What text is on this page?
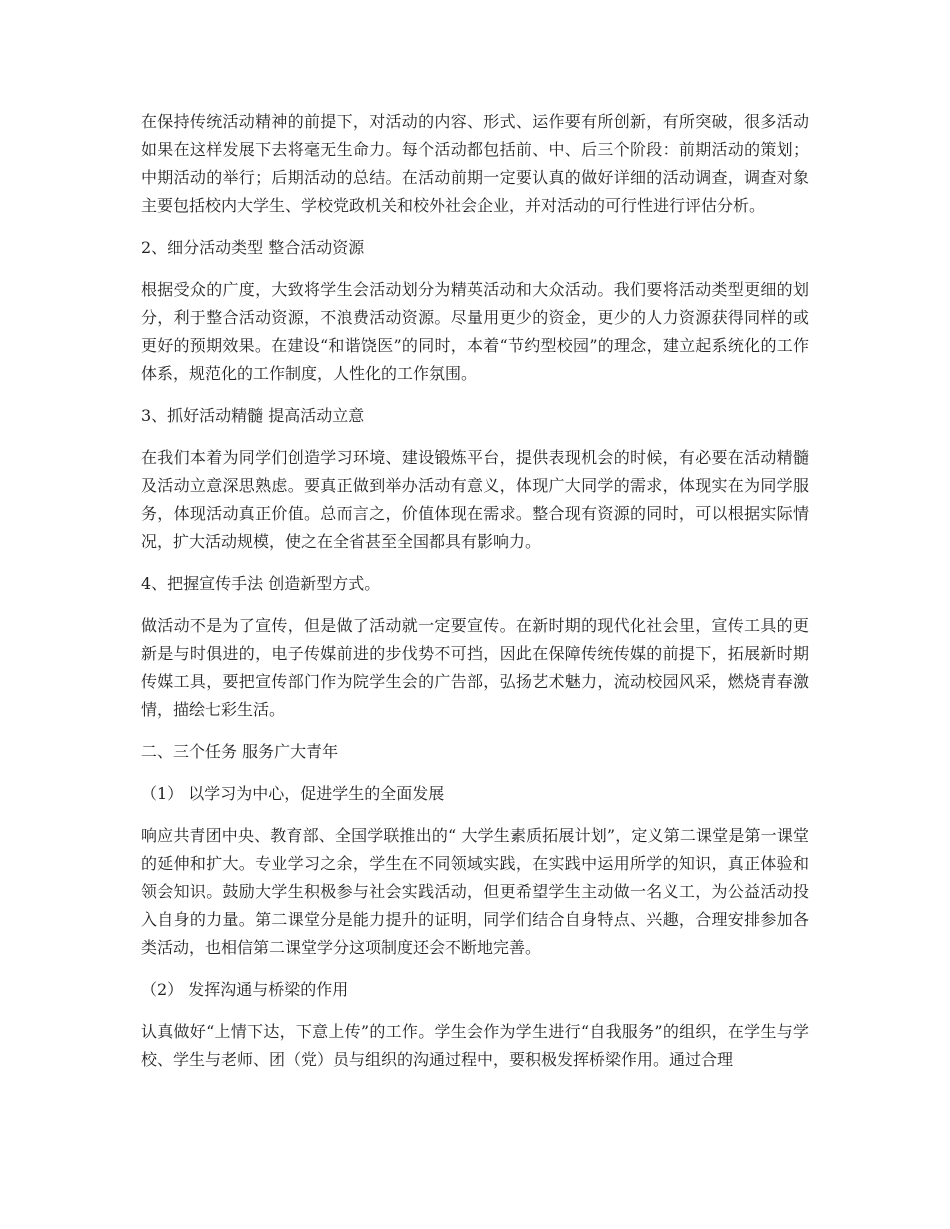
在保持传统活动精神的前提下，对活动的内容、形式、运作要有所创新，有所突破，很多活动如果在这样发展下去将毫无生命力。每个活动都包括前、中、后三个阶段：前期活动的策划；中期活动的举行；后期活动的总结。在活动前期一定要认真的做好详细的活动调查，调查对象主要包括校内大学生、学校党政机关和校外社会企业，并对活动的可行性进行评估分析。

2、细分活动类型 整合活动资源

根据受众的广度，大致将学生会活动划分为精英活动和大众活动。我们要将活动类型更细的划分，利于整合活动资源，不浪费活动资源。尽量用更少的资金，更少的人力资源获得同样的或更好的预期效果。在建设“和谐饶医”的同时，本着“节约型校园”的理念，建立起系统化的工作体系，规范化的工作制度，人性化的工作氛围。

3、抓好活动精髓 提高活动立意

在我们本着为同学们创造学习环境、建设锻炼平台，提供表现机会的时候，有必要在活动精髓及活动立意深思熟虑。要真正做到举办活动有意义，体现广大同学的需求，体现实在为同学服务，体现活动真正价值。总而言之，价值体现在需求。整合现有资源的同时，可以根据实际情况，扩大活动规模，使之在全省甚至全国都具有影响力。

4、把握宣传手法 创造新型方式。

做活动不是为了宣传，但是做了活动就一定要宣传。在新时期的现代化社会里，宣传工具的更新是与时俱进的，电子传媒前进的步伐势不可挡，因此在保障传统传媒的前提下，拓展新时期传媒工具，要把宣传部门作为院学生会的广告部，弘扬艺术魅力，流动校园风采，燃烧青春激情，描绘七彩生活。

二、三个任务 服务广大青年

（1） 以学习为中心，促进学生的全面发展

响应共青团中央、教育部、全国学联推出的“ 大学生素质拓展计划”，定义第二课堂是第一课堂的延伸和扩大。专业学习之余，学生在不同领域实践，在实践中运用所学的知识，真正体验和领会知识。鼓励大学生积极参与社会实践活动，但更希望学生主动做一名义工，为公益活动投入自身的力量。第二课堂分是能力提升的证明，同学们结合自身特点、兴趣，合理安排参加各类活动，也相信第二课堂学分这项制度还会不断地完善。

（2） 发挥沟通与桥梁的作用

认真做好“上情下达，下意上传”的工作。学生会作为学生进行“自我服务”的组织，在学生与学校、学生与老师、团（党）员与组织的沟通过程中，要积极发挥桥梁作用。通过合理
